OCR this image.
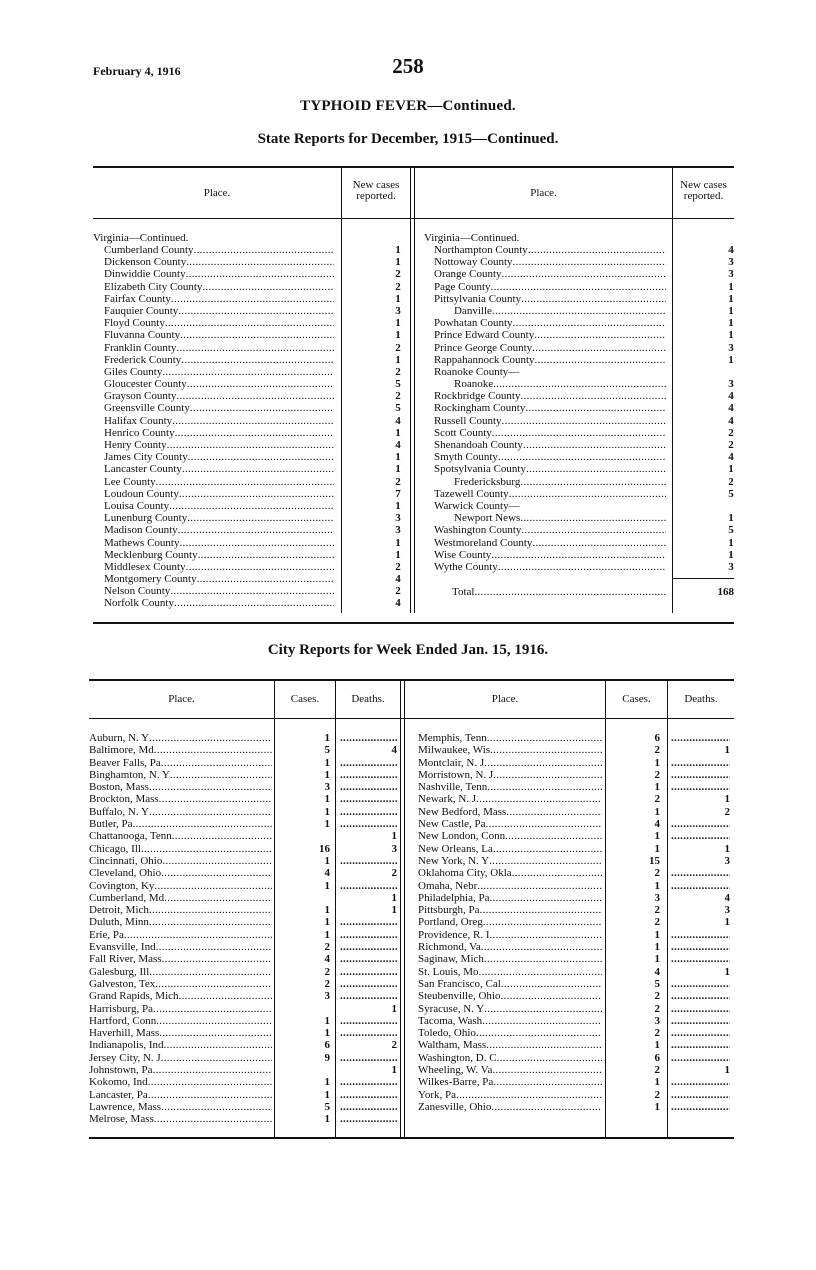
February 4, 1916	258
TYPHOID FEVER—Continued.
State Reports for December, 1915—Continued.
Place.
New cases
reported.	Place.
New cases
reported.
Virginia—Continued.
Cumberland County
.....
Dickenson County
.....
Dinwiddie County
.....
Elizabeth City County
.....
Fairfax County
.....
Fauquier County
.....
Floyd County
.....
Fluvanna County
.....
Franklin County
.....
Frederick County
.....
Giles County
.....
Gloucester County
.....
Grayson County
.....
Greensville County
.....
Halifax County
.....
Henrico County
.....
Henry County
.....
James City County
.....
Lancaster County
.....
Lee County
.....
Loudoun County
.....
Louisa County
.....
Lunenburg County
.....
Madison County
.....
Mathews County
.....
Mecklenburg County
.....
Middlesex County
.....
Montgomery County
.....
Nelson County
.....
Norfolk County
.....
1
1
2
2
1
3
1
1
2
1
2
5
2
5
4
1
4
1
1
2
7
1
3
3
1
1
2
4
2
4
Virginia—Continued.
Northampton County
.....
Nottoway County
.....
Orange County
.....
Page County
.....
Pittsylvania County
.....
Danville
.....
Powhatan County
.....
Prince Edward County
.....
Prince George County
.....
Rappahannock County
.....
Roanoke County—
Roanoke
.....
Rockbridge County
.....
Rockingham County
.....
Russell County
.....
Scott County
.....
Shenandoah County
.....
Smyth County
.....
Spotsylvania County
.....
Fredericksburg
.....
Tazewell County
.....
Warwick County—
Newport News
.....
Washington County
.....
Westmoreland County
.....
Wise County
.....
Wythe County
.....
4
3
3
1
1
1
1
1
3
1
3
4
4
4
2
2
4
1
2
5
1
5
1
1
3
Total
.....	168
City Reports for Week Ended Jan. 15, 1916.
Place.	Cases.	Deaths.	Place.	Cases.	Deaths.
Auburn, N. Y
.....
Baltimore, Md
.....
Beaver Falls, Pa
.....
Binghamton, N. Y
.....
Boston, Mass
.....
Brockton, Mass
.....
Buffalo, N. Y
.....
Butler, Pa
.....
Chattanooga, Tenn
.....
Chicago, Ill
.....
Cincinnati, Ohio
.....
Cleveland, Ohio
.....
Covington, Ky
.....
Cumberland, Md
.....
Detroit, Mich
.....
Duluth, Minn
.....
Erie, Pa
.....
Evansville, Ind
.....
Fall River, Mass
.....
Galesburg, Ill
.....
Galveston, Tex
.....
Grand Rapids, Mich
.....
Harrisburg, Pa
.....
Hartford, Conn
.....
Haverhill, Mass
.....
Indianapolis, Ind
.....
Jersey City, N. J
.....
Johnstown, Pa
.....
Kokomo, Ind
.....
Lancaster, Pa
.....
Lawrence, Mass
.....
Melrose, Mass
.....
1
5
1
1
3
1
1
1
16
1
4
1
1
1
1
2
4
2
2
3
1
1
6
9
1
1
5
1
.....
4
.....
.....
.....
.....
.....
.....
1
3
.....
2
.....
1
1
.....
.....
.....
.....
.....
.....
.....
1
.....
.....
2
.....
1
.....
.....
.....
.....
Memphis, Tenn
.....
Milwaukee, Wis
.....
Montclair, N. J
.....
Morristown, N. J
.....
Nashville, Tenn
.....
Newark, N. J
.....
New Bedford, Mass
.....
New Castle, Pa
.....
New London, Conn
.....
New Orleans, La
.....
New York, N. Y
.....
Oklahoma City, Okla
.....
Omaha, Nebr
.....
Philadelphia, Pa
.....
Pittsburgh, Pa
.....
Portland, Oreg
.....
Providence, R. I
.....
Richmond, Va
.....
Saginaw, Mich
.....
St. Louis, Mo
.....
San Francisco, Cal
.....
Steubenville, Ohio
.....
Syracuse, N. Y
.....
Tacoma, Wash
.....
Toledo, Ohio
.....
Waltham, Mass
.....
Washington, D. C
.....
Wheeling, W. Va
.....
Wilkes-Barre, Pa
.....
York, Pa
.....
Zanesville, Ohio
.....
6
2
1
2
1
2
1
4
1
1
15
2
1
3
2
2
1
1
1
4
5
2
2
3
2
1
6
2
1
2
1
.....
1
.....
.....
.....
1
2
.....
.....
1
3
.....
.....
4
3
1
.....
.....
.....
1
.....
.....
.....
.....
.....
.....
.....
1
.....
.....
.....
